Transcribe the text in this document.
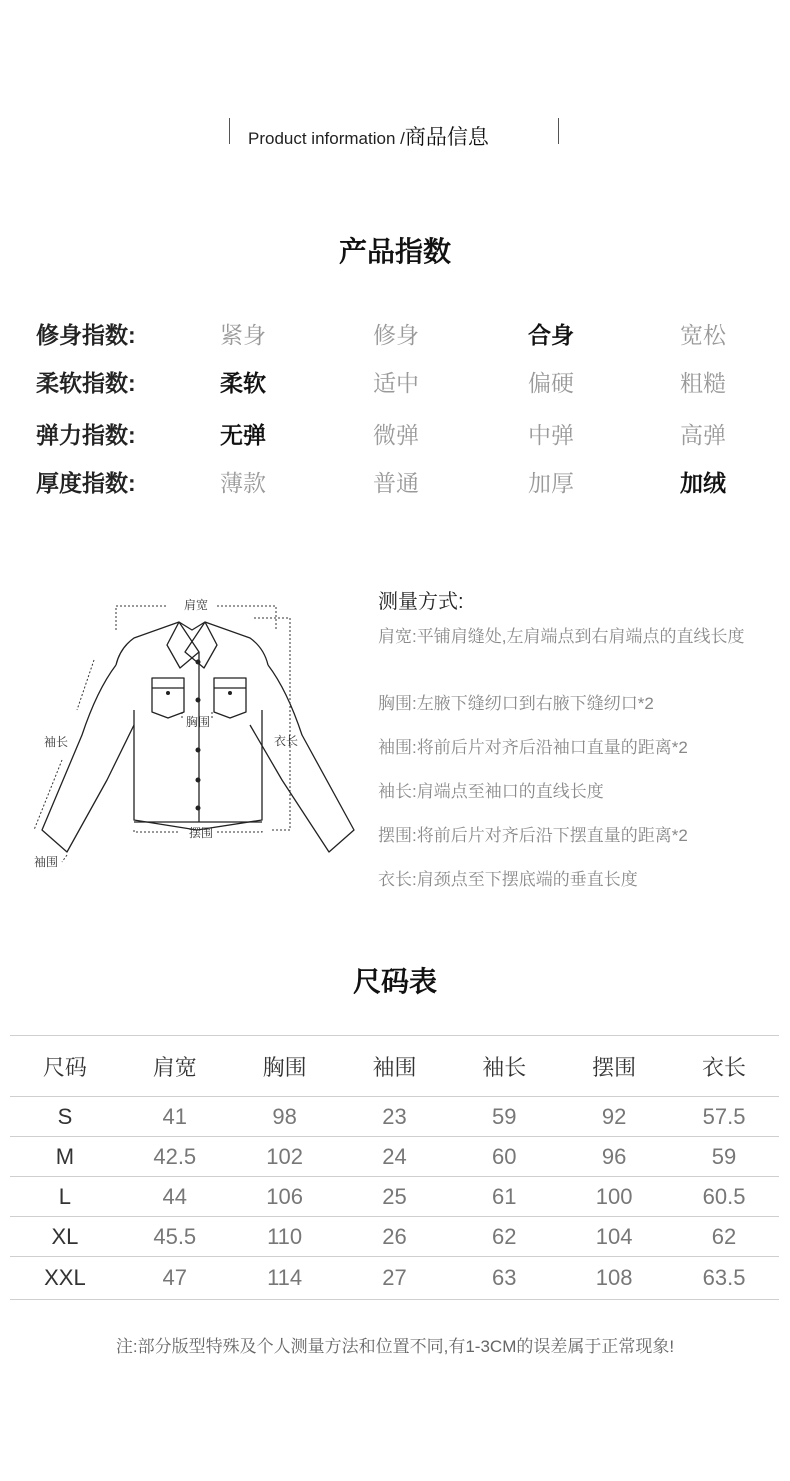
Product information /商品信息
产品指数
修身指数:	紧身	修身	合身	宽松
柔软指数:	柔软	适中	偏硬	粗糙
弹力指数:	无弹	微弹	中弹	高弹
厚度指数:	薄款	普通	加厚	加绒
肩宽
胸围
袖长	衣长
摆围
袖围
测量方式:
肩宽:平铺肩缝处,左肩端点到右肩端点的直线长度
胸围:左腋下缝纫口到右腋下缝纫口*2
袖围:将前后片对齐后沿袖口直量的距离*2
袖长:肩端点至袖口的直线长度
摆围:将前后片对齐后沿下摆直量的距离*2
衣长:肩颈点至下摆底端的垂直长度
尺码表
尺码	肩宽	胸围	袖围	袖长	摆围	衣长
S	41	98	23	59	92	57.5
M	42.5	102	24	60	96	59
L	44	106	25	61	100	60.5
XL	45.5	110	26	62	104	62
XXL	47	114	27	63	108	63.5
注:部分版型特殊及个人测量方法和位置不同,有1-3CM的误差属于正常现象!
